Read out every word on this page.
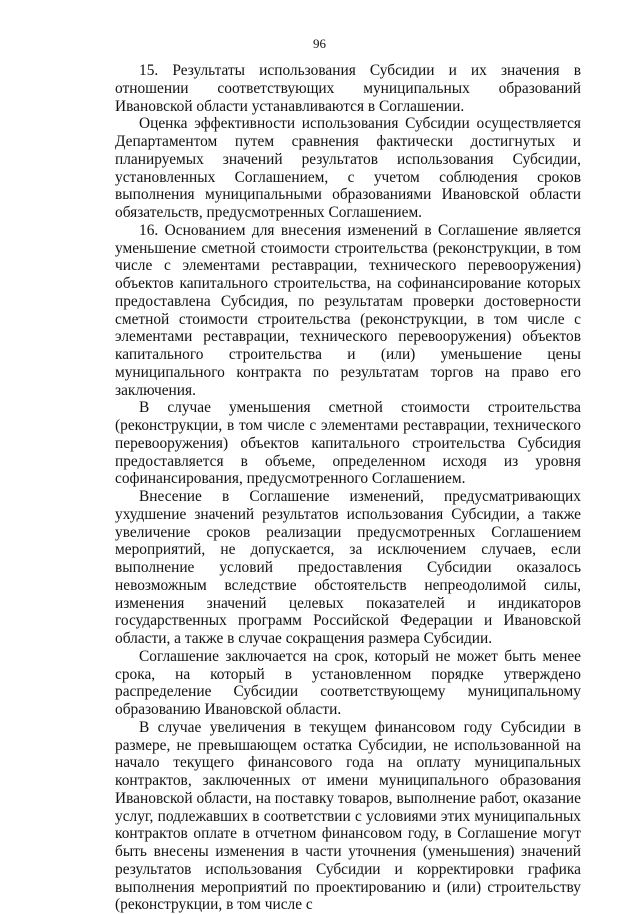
96

15. Результаты использования Субсидии и их значения в отношении соответствующих муниципальных образований Ивановской области устанавливаются в Соглашении.

Оценка эффективности использования Субсидии осуществляется Департаментом путем сравнения фактически достигнутых и планируемых значений результатов использования Субсидии, установленных Соглашением, с учетом соблюдения сроков выполнения муниципальными образованиями Ивановской области обязательств, предусмотренных Соглашением.

16. Основанием для внесения изменений в Соглашение является уменьшение сметной стоимости строительства (реконструкции, в том числе с элементами реставрации, технического перевооружения) объектов капитального строительства, на софинансирование которых предоставлена Субсидия, по результатам проверки достоверности сметной стоимости строительства (реконструкции, в том числе с элементами реставрации, технического перевооружения) объектов капитального строительства и (или) уменьшение цены муниципального контракта по результатам торгов на право его заключения.

В случае уменьшения сметной стоимости строительства (реконструкции, в том числе с элементами реставрации, технического перевооружения) объектов капитального строительства Субсидия предоставляется в объеме, определенном исходя из уровня софинансирования, предусмотренного Соглашением.

Внесение в Соглашение изменений, предусматривающих ухудшение значений результатов использования Субсидии, а также увеличение сроков реализации предусмотренных Соглашением мероприятий, не допускается, за исключением случаев, если выполнение условий предоставления Субсидии оказалось невозможным вследствие обстоятельств непреодолимой силы, изменения значений целевых показателей и индикаторов государственных программ Российской Федерации и Ивановской области, а также в случае сокращения размера Субсидии.

Соглашение заключается на срок, который не может быть менее срока, на который в установленном порядке утверждено распределение Субсидии соответствующему муниципальному образованию Ивановской области.

В случае увеличения в текущем финансовом году Субсидии в размере, не превышающем остатка Субсидии, не использованной на начало текущего финансового года на оплату муниципальных контрактов, заключенных от имени муниципального образования Ивановской области, на поставку товаров, выполнение работ, оказание услуг, подлежавших в соответствии с условиями этих муниципальных контрактов оплате в отчетном финансовом году, в Соглашение могут быть внесены изменения в части уточнения (уменьшения) значений результатов использования Субсидии и корректировки графика выполнения мероприятий по проектированию и (или) строительству (реконструкции, в том числе с
